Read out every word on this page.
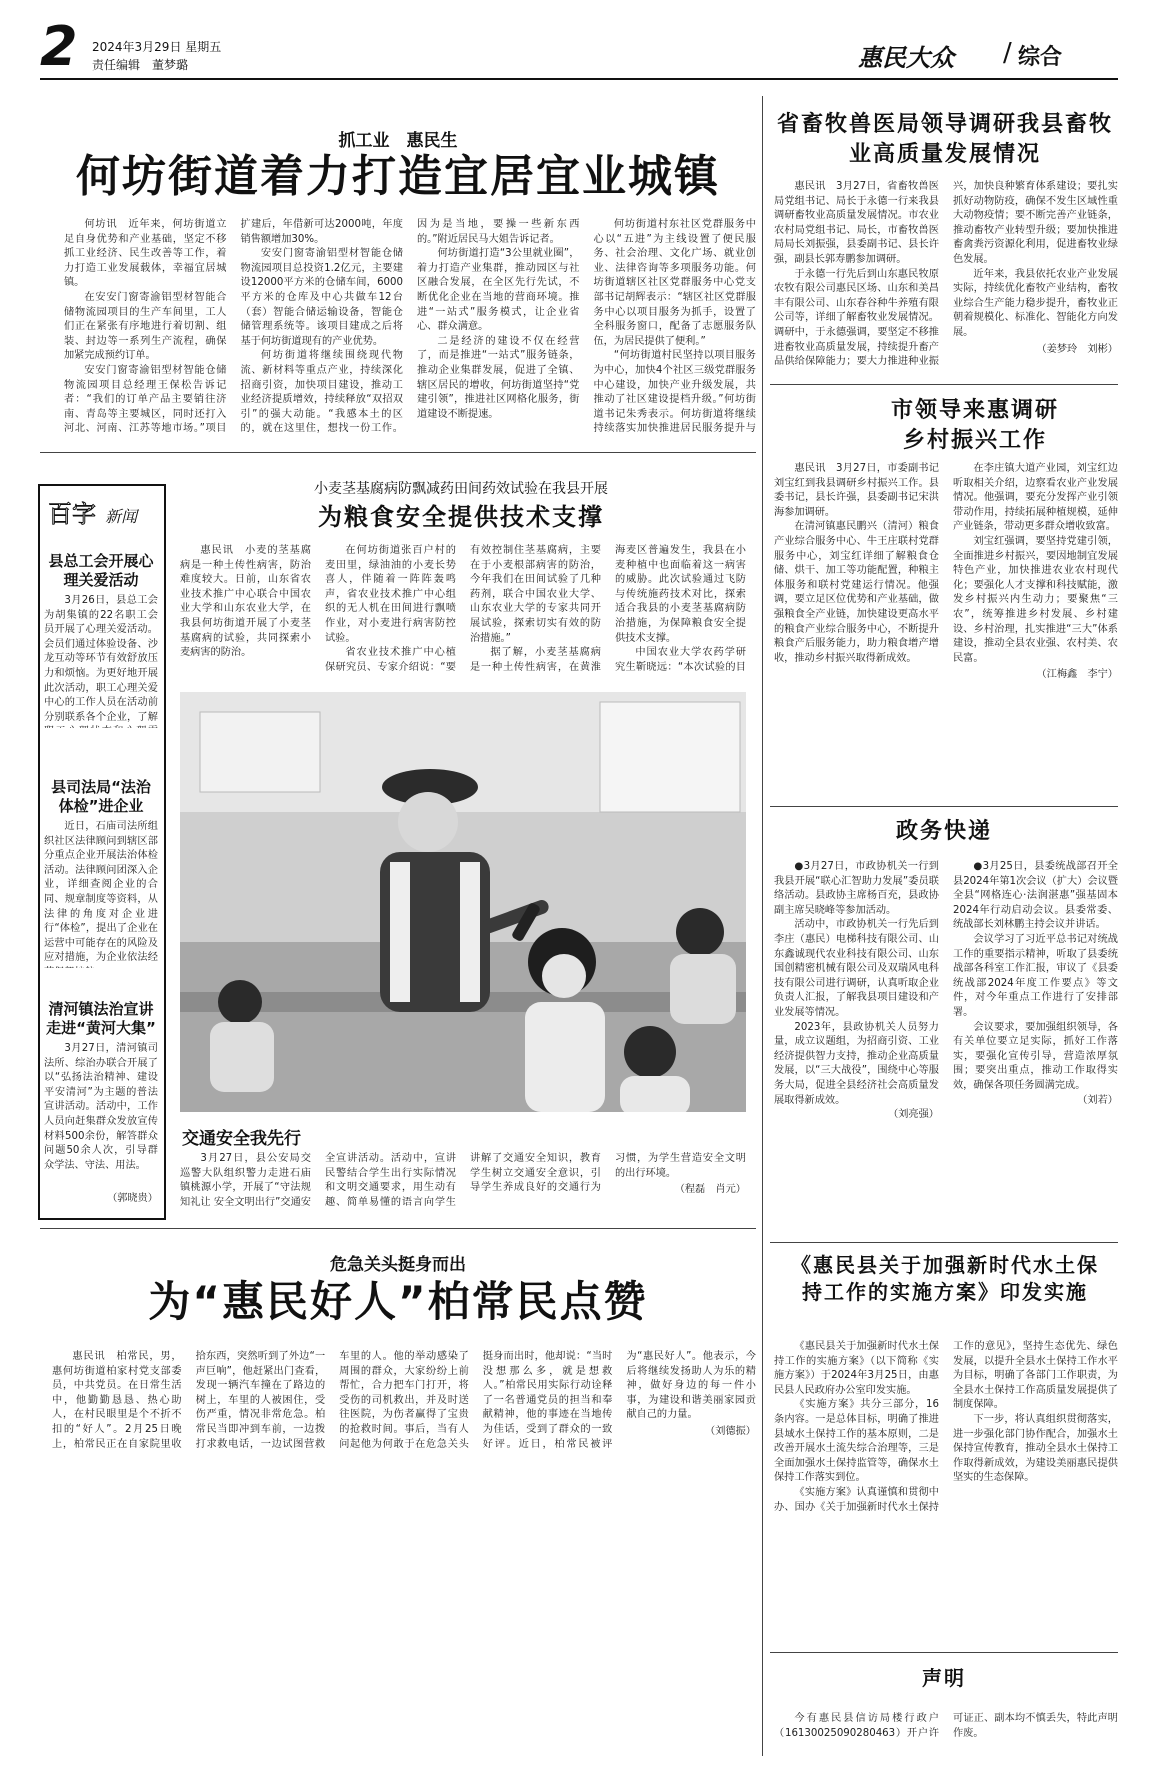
2 2024年3月29日 星期五
责任编辑　董梦璐	惠民大众 / 综合
抓工业　惠民生
何坊街道着力打造宜居宜业城镇

何坊讯　近年来，何坊街道立足自身优势和产业基础，坚定不移抓工业经济、民生改善等工作，着力打造工业发展载体，幸福宜居城镇。

在安安门窗寄渝铝型材智能合储物流园项目的生产车间里，工人们正在紧张有序地进行着切割、组装、封边等一系列生产流程，确保加紧完成预约订单。

安安门窗寄渝铝型材智能仓储物流园项目总经理王保松告诉记者：“我们的订单产品主要销往济南、青岛等主要城区，同时还打入河北、河南、江苏等地市场。”项目扩建后，年借新可达2000吨，年度销售额增加30%。

安安门窗寄渝铝型材智能仓储物流园项目总投资1.2亿元，主要建设12000平方米的仓储车间，6000平方米的仓库及中心共做车12台（套）智能合储运输设备，智能仓储管理系统等。该项目建成之后将基于何坊街道现有的产业优势。

何坊街道将继续围绕现代物流、新材料等重点产业，持续深化招商引资，加快项目建设，推动工业经济提质增效，持续释放“双招双引”的强大动能。“我感本土的区的，就在这里住，想找一份工作。因为是当地，要操一些新东西的。”附近居民马大姐告诉记者。

何坊街道打造“3公里就业圈”，着力打造产业集群，推动园区与社区融合发展，在全区先行先试，不断优化企业在当地的营商环境。推进“一站式”服务模式，让企业省心、群众满意。

二是经济的建设不仅在经营了，而是推进“一站式”服务链条，推动企业集群发展，促进了全镇、辖区居民的增收，何坊街道坚持“党建引领”，推进社区网格化服务，街道建设不断提速。

何坊街道村东社区党群服务中心以“五进”为主线设置了便民服务、社会治理、文化广场、就业创业、法律咨询等多项服务功能。何坊街道辖区社区党群服务中心党支部书记胡辉表示：“辖区社区党群服务中心以项目服务为抓手，设置了全科服务窗口，配备了志愿服务队伍，为居民提供了便利。”

“何坊街道村民坚持以项目服务为中心，加快4个社区三级党群服务中心建设，加快产业升级发展，共推动了社区建设提档升级。”何坊街道书记朱秀表示。何坊街道将继续持续落实加快推进居民服务提升与

省畜牧兽医局领导调研我县畜牧业高质量发展情况

惠民讯　3月27日，省畜牧兽医局党组书记、局长于永德一行来我县调研畜牧业高质量发展情况。市农业农村局党组书记、局长，市畜牧兽医局局长刘振强，县委副书记、县长许强，副县长郭寿鹏参加调研。

于永德一行先后到山东惠民牧原农牧有限公司惠民区场、山东和美昌丰有限公司、山东春谷种牛养殖有限公司等，详细了解畜牧业发展情况。调研中，于永德强调，要坚定不移推进畜牧业高质量发展，持续提升畜产品供给保障能力；要大力推进种业振兴，加快良种繁育体系建设；要扎实抓好动物防疫，确保不发生区域性重大动物疫情；要不断完善产业链条，推动畜牧产业转型升级；要加快推进畜禽粪污资源化利用，促进畜牧业绿色发展。

近年来，我县依托农业产业发展实际，持续优化畜牧产业结构，畜牧业综合生产能力稳步提升，畜牧业正朝着规模化、标准化、智能化方向发展。

（姜梦玲　刘彬）
市领导来惠调研乡村振兴工作

惠民讯　3月27日，市委副书记刘宝红到我县调研乡村振兴工作。县委书记，县长许强，县委副书记宋洪海参加调研。

在清河镇惠民鹏兴（清河）粮食产业综合服务中心、牛王庄联村党群服务中心，刘宝红详细了解粮食仓储、烘干、加工等功能配置，种粮主体服务和联村党建运行情况。他强调，要立足区位优势和产业基础，做强粮食全产业链，加快建设更高水平的粮食产业综合服务中心，不断提升粮食产后服务能力，助力粮食增产增收，推动乡村振兴取得新成效。

在李庄镇大道产业园，刘宝红边听取相关介绍，边察看农业产业发展情况。他强调，要充分发挥产业引领带动作用，持续拓展种植规模，延伸产业链条，带动更多群众增收致富。

刘宝红强调，要坚持党建引领，全面推进乡村振兴，要因地制宜发展特色产业，加快推进农业农村现代化；要强化人才支撑和科技赋能，激发乡村振兴内生动力；要聚焦“三农”，统筹推进乡村发展、乡村建设、乡村治理，扎实推进“三大”体系建设，推动全县农业强、农村美、农民富。

（江梅鑫　李宁）
政务快递

●3月27日，市政协机关一行到我县开展“联心汇智助力发展”委员联络活动。县政协主席杨百充，县政协副主席吴晓峰等参加活动。

活动中，市政协机关一行先后到李庄（惠民）电梯科技有限公司、山东鑫诚现代农业科技有限公司、山东国创精密机械有限公司及双瑞风电科技有限公司进行调研，认真听取企业负责人汇报，了解我县项目建设和产业发展等情况。

2023年，县政协机关人员努力量，成立议题组，为招商引资、工业经济提供智力支持，推动企业高质量发展，以“三大战役”，围绕中心等服务大局，促进全县经济社会高质量发展取得新成效。

（刘亮强）

●3月25日，县委统战部召开全县2024年第1次会议（扩大）会议暨全县“网格连心·法润湛惠”强基固本2024年行动启动会议。县委常委、统战部长刘林鹏主持会议并讲话。

会议学习了习近平总书记对统战工作的重要指示精神，听取了县委统战部各科室工作汇报，审议了《县委统战部2024年度工作要点》等文件，对今年重点工作进行了安排部署。

会议要求，要加强组织领导，各有关单位要立足实际，抓好工作落实，要强化宣传引导，营造浓厚氛围；要突出重点，推动工作取得实效，确保各项任务圆满完成。

（刘若）

《惠民县关于加强新时代水土保持工作的实施方案》印发实施

《惠民县关于加强新时代水土保持工作的实施方案》（以下简称《实施方案》）于2024年3月25日，由惠民县人民政府办公室印发实施。

《实施方案》共分三部分，16条内容。一是总体目标，明确了推进县域水土保持工作的基本原则，二是改善开展水土流失综合治理等，三是全面加强水土保持监管等，确保水土保持工作落实到位。

《实施方案》认真谨慎和贯彻中办、国办《关于加强新时代水土保持工作的意见》，坚持生态优先、绿色发展，以提升全县水土保持工作水平为目标，明确了各部门工作职责，为全县水土保持工作高质量发展提供了制度保障。

下一步，将认真组织贯彻落实，进一步强化部门协作配合，加强水土保持宣传教育，推动全县水土保持工作取得新成效，为建设美丽惠民提供坚实的生态保障。

声明

今有惠民县信访局楼行政户（16130025090280463）开户许可证正、副本均不慎丢失，特此声明作废。

百字 新闻
县总工会开展心理关爱活动

3月26日，县总工会为胡集镇的22名职工会员开展了心理关爱活动。会员们通过体验设备、沙龙互动等环节有效舒放压力和烦恼。为更好地开展此次活动，职工心理关爱中心的工作人员在活动前分别联系各个企业，了解

县司法局“法治体检”进企业

近日，石庙司法所组织社区法律顾问到辖区部分重点企业开展法治体检活动。法律顾问团深入企业，详细查阅企业的合同、规章制度等资料，从法律的角度对企业进行“体检”，提出了企业在运营中可能存在的风险及应对措施，为企业依法经

清河镇法治宣讲走进“黄河大集”

3月27日，清河镇司法所、综治办联合开展了以“弘扬法治精神、建设平安清河”为主题的普法宣讲活动。活动中，工作人员向赶集群众发放宣传材料500余份，解答群众问题50余人次，引导群众学法、守法、用法。

（郭晓贵）
小麦茎基腐病防飘减药田间药效试验在我县开展
为粮食安全提供技术支撑

惠民讯　小麦的茎基腐病是一种土传性病害，防治难度较大。日前，山东省农业技术推广中心联合中国农业大学和山东农业大学，在我县何坊街道开展了小麦茎基腐病的试验，共同探索小麦病害的防治。

在何坊街道张百户村的麦田里，绿油油的小麦长势喜人，伴随着一阵阵轰鸣声，省农业技术推广中心组织的无人机在田间进行飘喷作业，对小麦进行病害防控试验。

省农业技术推广中心植保研究员、专家介绍说：“要有效控制住茎基腐病，主要在于小麦根部病害的防治，今年我们在田间试验了几种药剂，联合中国农业大学、山东农业大学的专家共同开展试验，探索切实有效的防治措施。”

据了解，小麦茎基腐病是一种土传性病害，在黄淮海麦区普遍发生，我县在小麦种植中也面临着这一病害的威胁。此次试验通过飞防与传统施药技术对比，探索适合我县的小麦茎基腐病防治措施，为保障粮食安全提供技术支撑。

中国农业大学农药学研究生靳晓远：“本次试验的目

交通安全我先行

3月27日，县公安局交巡警大队组织警力走进石庙镇桃源小学，开展了“守法规知礼让 安全文明出行”交通安全宣讲活动。活动中，宣讲民警结合学生出行实际情况和文明交通要求，用生动有趣、简单易懂的语言向学生讲解了交通安全知识，教育学生树立交通安全意识，引导学生养成良好的交通行为习惯，为学生营造安全文明的出行环境。

（程磊　肖元）
危急关头挺身而出
为“惠民好人”柏常民点赞

惠民讯　柏常民，男，惠何坊街道柏家村党支部委员，中共党员。在日常生活中，他勤勤恳恳、热心助人，在村民眼里是个不折不扣的“好人”。2月25日晚上，柏常民正在自家院里收拾东西，突然听到了外边“一声巨响”，他赶紧出门查看，发现一辆汽车撞在了路边的树上，车里的人被困住，受伤严重，情况非常危急。柏常民当即冲到车前，一边拨打求救电话，一边试图营救车里的人。他的举动感染了周围的群众，大家纷纷上前帮忙，合力把车门打开，将受伤的司机救出，并及时送往医院，为伤者赢得了宝贵的抢救时间。事后，当有人问起他为何敢于在危急关头挺身而出时，他却说：“当时没想那么多，就是想救人。”柏常民用实际行动诠释了一名普通党员的担当和奉献精神，他的事迹在当地传为佳话，受到了群众的一致好评。近日，柏常民被评为“惠民好人”。他表示，今后将继续发扬助人为乐的精神，做好身边的每一件小事，为建设和谐美丽家园贡献自己的力量。

（刘德振）
